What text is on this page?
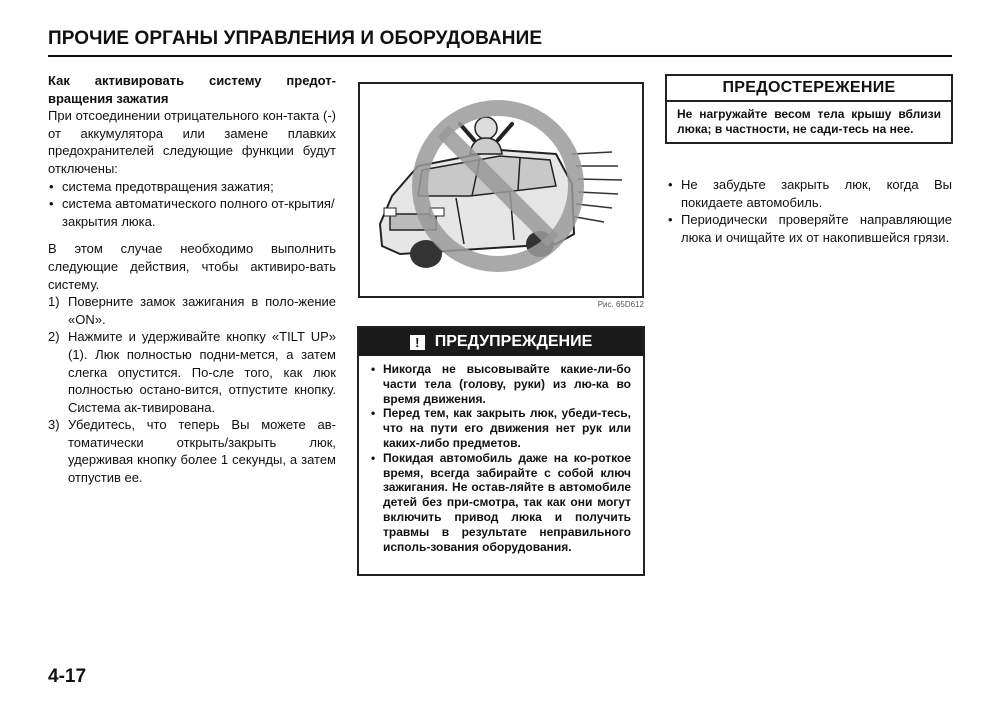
ПРОЧИЕ ОРГАНЫ УПРАВЛЕНИЯ И ОБОРУДОВАНИЕ

Как активировать систему предот-вращения зажатия

При отсоединении отрицательного кон-такта (-) от аккумулятора или замене плавких предохранителей следующие функции будут отключены:

• система предотвращения зажатия;
• система автоматического полного от-крытия/закрытия люка.

В этом случае необходимо выполнить следующие действия, чтобы активиро-вать систему.

1) Поверните замок зажигания в поло-жение «ON».
2) Нажмите и удерживайте кнопку «TILT UP» (1). Люк полностью подни-мется, а затем слегка опустится. По-сле того, как люк полностью остано-вится, отпустите кнопку. Система ак-тивирована.
3) Убедитесь, что теперь Вы можете ав-томатически открыть/закрыть люк, удерживая кнопку более 1 секунды, а затем отпустив ее.
Рис. 65D612
! ПРЕДУПРЕЖДЕНИЕ
• Никогда не высовывайте какие-ли-бо части тела (голову, руки) из лю-ка во время движения.
• Перед тем, как закрыть люк, убеди-тесь, что на пути его движения нет рук или каких-либо предметов.
• Покидая автомобиль даже на ко-роткое время, всегда забирайте с собой ключ зажигания. Не остав-ляйте в автомобиле детей без при-смотра, так как они могут включить привод люка и получить травмы в результате неправильного исполь-зования оборудования.
ПРЕДОСТЕРЕЖЕНИЕ

Не нагружайте весом тела крышу вблизи люка; в частности, не сади-тесь на нее.

• Не забудьте закрыть люк, когда Вы покидаете автомобиль.
• Периодически проверяйте направляющие люка и очищайте их от накопившейся грязи.
4-17
